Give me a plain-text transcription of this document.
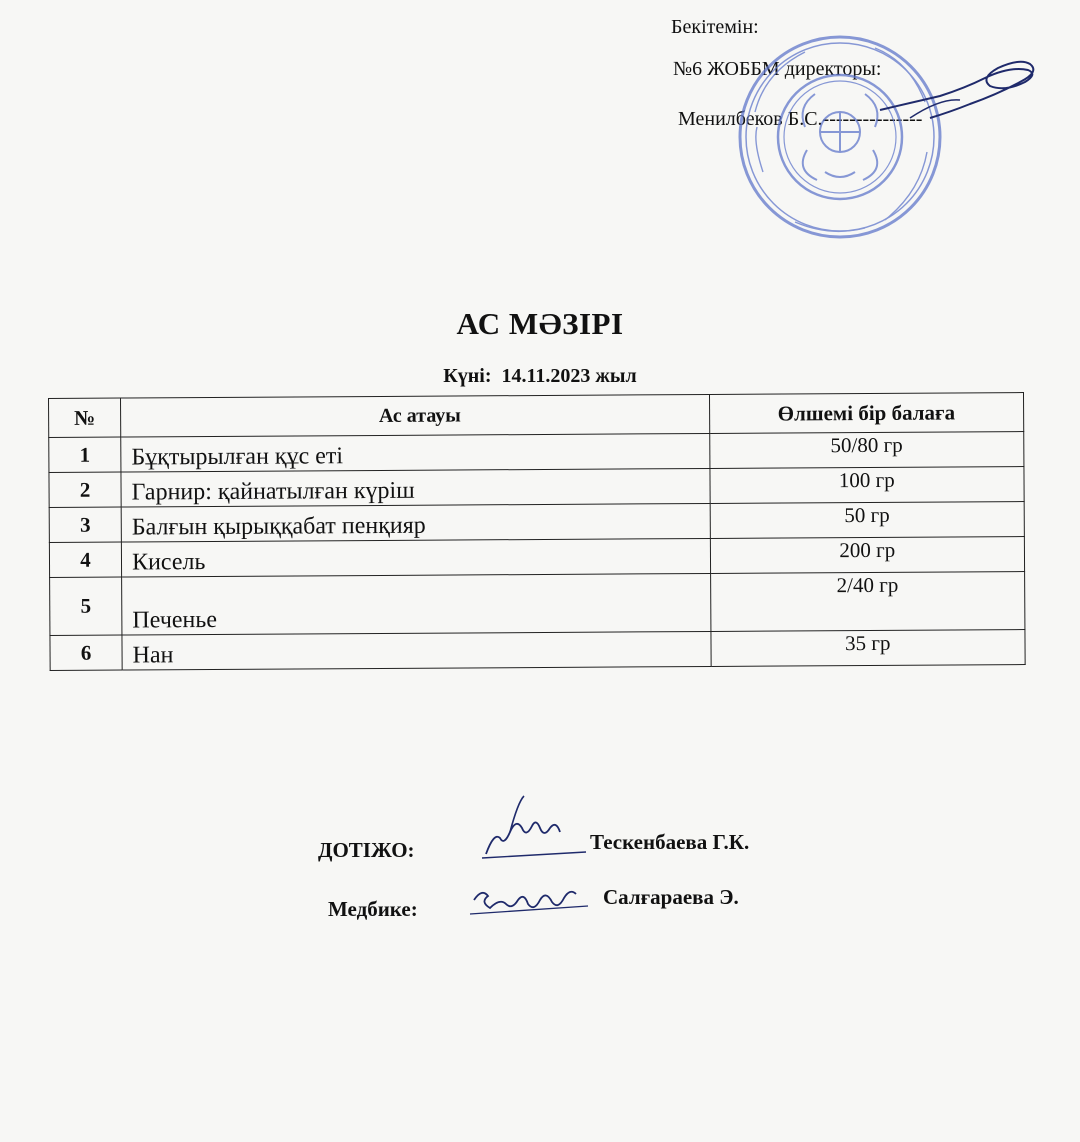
Бекітемін:
№6 ЖОББМ директоры:
Менилбеков Б.С.---------------
АС МӘЗІРІ
Күні: 14.11.2023 жыл
№	Ас атауы	Өлшемі бір балаға
1	Бұқтырылған құс еті	50/80 гр
2	Гарнир: қайнатылған күріш	100 гр
3	Балғын қырыққабат пенқияр	50 гр
4	Кисель	200 гр
5	Печенье	2/40 гр
6	Нан	35 гр
ДОТІЖО:	Тескенбаева Г.К.
Медбике:	Салғараева Э.
